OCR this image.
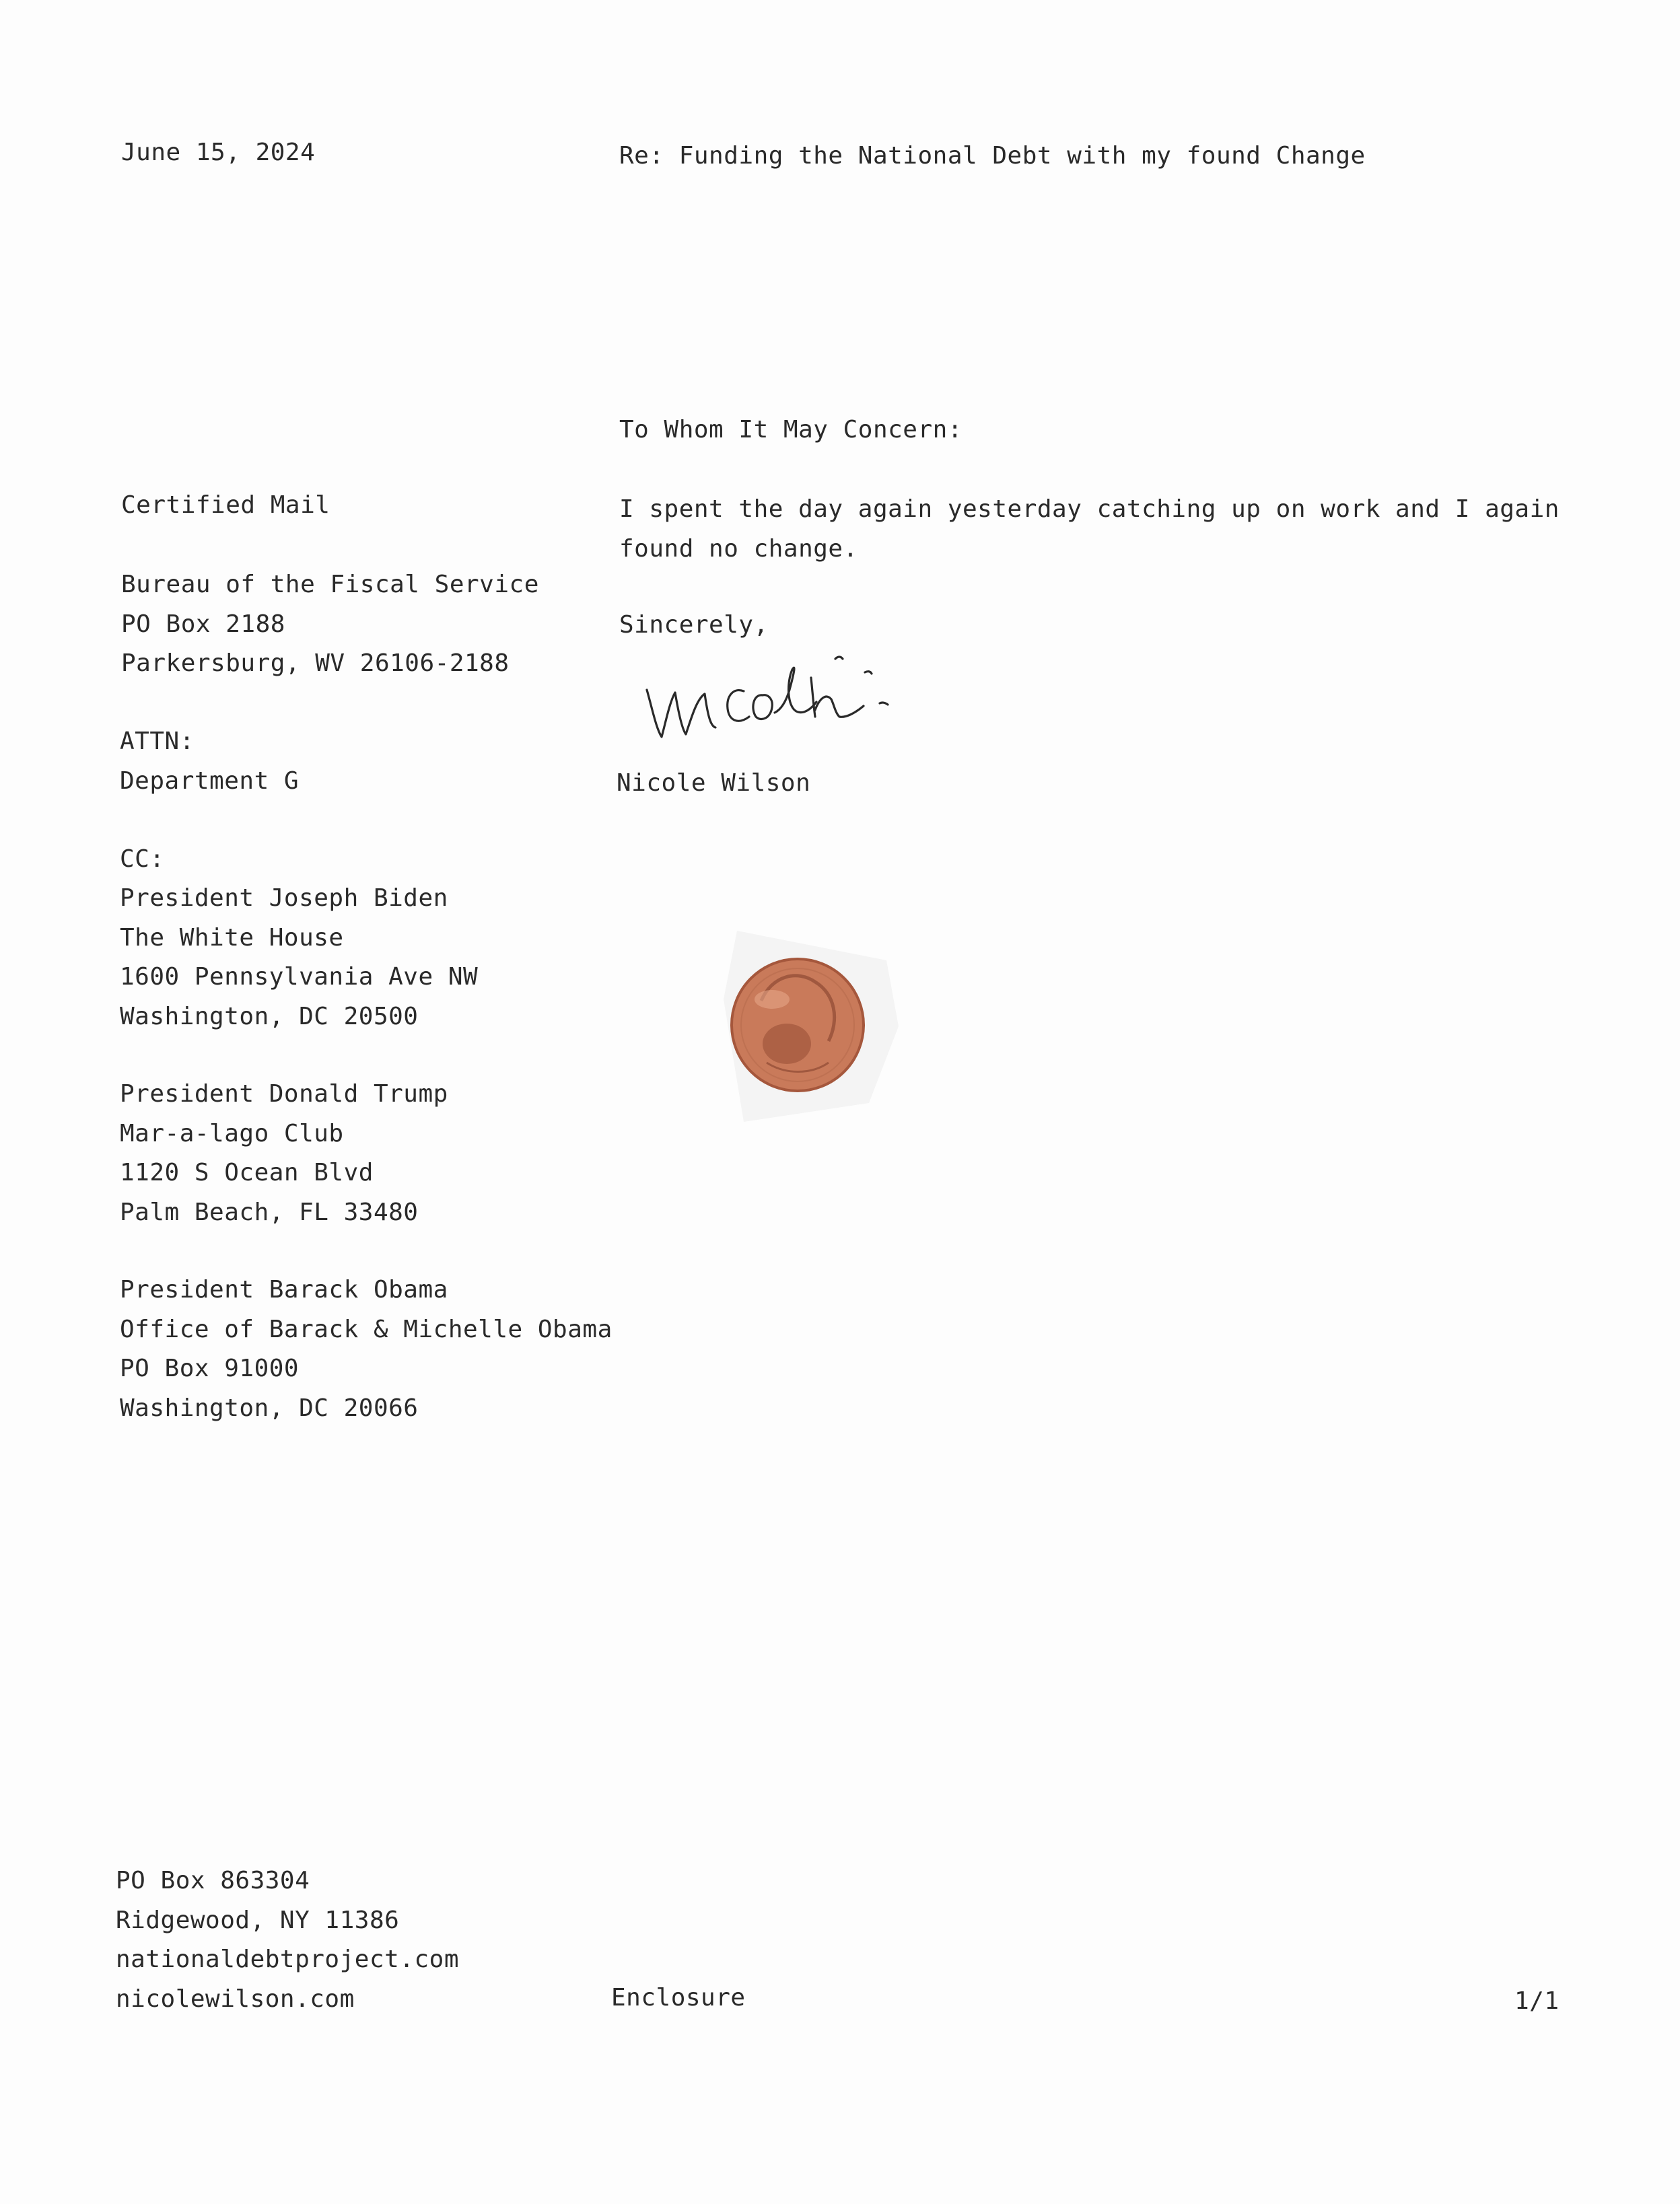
June 15, 2024	Re: Funding the National Debt with my found Change
Certified Mail
Bureau of the Fiscal Service
PO Box 2188
Parkersburg, WV 26106-2188
ATTN:
Department G
CC:
President Joseph Biden
The White House
1600 Pennsylvania Ave NW
Washington, DC 20500
President Donald Trump
Mar-a-lago Club
1120 S Ocean Blvd
Palm Beach, FL 33480
President Barack Obama
Office of Barack & Michelle Obama
PO Box 91000
Washington, DC 20066
To Whom It May Concern:
I spent the day again yesterday catching up on work and I again
found no change.
Sincerely,
Nicole Wilson
PO Box 863304
Ridgewood, NY 11386
nationaldebtproject.com
nicolewilson.com	Enclosure	1/1
